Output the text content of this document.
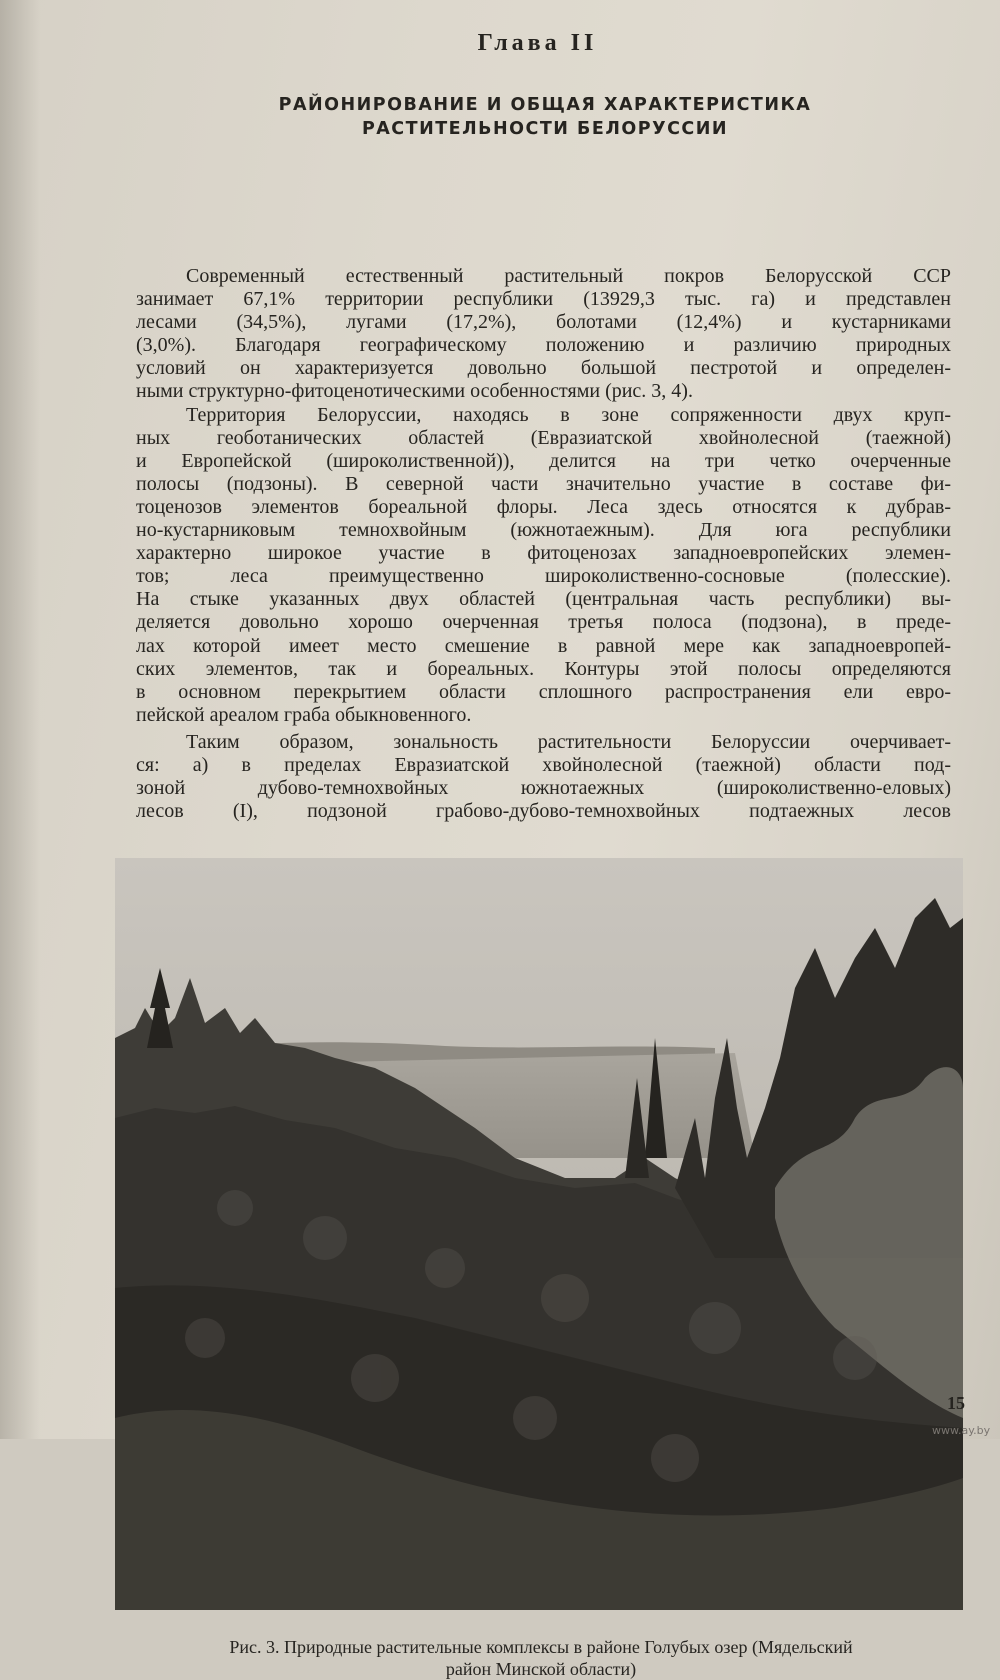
Глава II
РАЙОНИРОВАНИЕ И ОБЩАЯ ХАРАКТЕРИСТИКА
РАСТИТЕЛЬНОСТИ БЕЛОРУССИИ
Современный естественный растительный покров Белорусской ССР
занимает 67,1% территории республики (13929,3 тыс. га) и представлен
лесами (34,5%), лугами (17,2%), болотами (12,4%) и кустарниками
(3,0%). Благодаря географическому положению и различию природных
условий он характеризуется довольно большой пестротой и определен-
ными структурно-фитоценотическими особенностями (рис. 3, 4).
Территория Белоруссии, находясь в зоне сопряженности двух круп-
ных геоботанических областей (Евразиатской хвойнолесной (таежной)
и Европейской (широколиственной)), делится на три четко очерченные
полосы (подзоны). В северной части значительно участие в составе фи-
тоценозов элементов бореальной флоры. Леса здесь относятся к дубрав-
но-кустарниковым темнохвойным (южнотаежным). Для юга республики
характерно широкое участие в фитоценозах западноевропейских элемен-
тов; леса преимущественно широколиственно-сосновые (полесские).
На стыке указанных двух областей (центральная часть республики) вы-
деляется довольно хорошо очерченная третья полоса (подзона), в преде-
лах которой имеет место смешение в равной мере как западноевропей-
ских элементов, так и бореальных. Контуры этой полосы определяются
в основном перекрытием области сплошного распространения ели евро-
пейской ареалом граба обыкновенного.
Таким образом, зональность растительности Белоруссии очерчивает-
ся: а) в пределах Евразиатской хвойнолесной (таежной) области под-
зоной дубово-темнохвойных южнотаежных (широколиственно-еловых)
лесов (I), подзоной грабово-дубово-темнохвойных подтаежных лесов
Рис. 3. Природные растительные комплексы в районе Голубых озер (Мядельский
район Минской области)
15
www.ay.by
